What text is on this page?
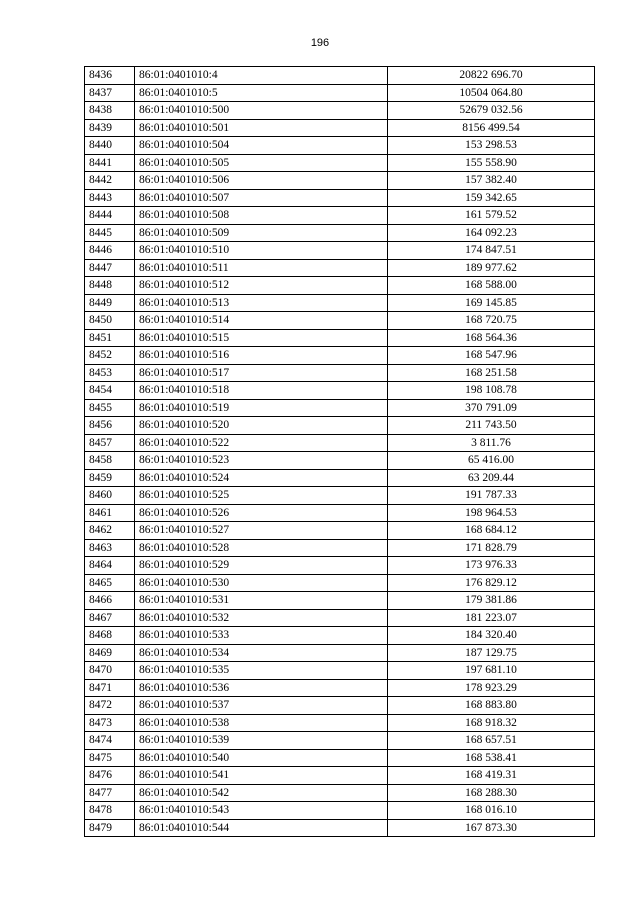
196
8436	86:01:0401010:4	20822 696.70
8437	86:01:0401010:5	10504 064.80
8438	86:01:0401010:500	52679 032.56
8439	86:01:0401010:501	8156 499.54
8440	86:01:0401010:504	153 298.53
8441	86:01:0401010:505	155 558.90
8442	86:01:0401010:506	157 382.40
8443	86:01:0401010:507	159 342.65
8444	86:01:0401010:508	161 579.52
8445	86:01:0401010:509	164 092.23
8446	86:01:0401010:510	174 847.51
8447	86:01:0401010:511	189 977.62
8448	86:01:0401010:512	168 588.00
8449	86:01:0401010:513	169 145.85
8450	86:01:0401010:514	168 720.75
8451	86:01:0401010:515	168 564.36
8452	86:01:0401010:516	168 547.96
8453	86:01:0401010:517	168 251.58
8454	86:01:0401010:518	198 108.78
8455	86:01:0401010:519	370 791.09
8456	86:01:0401010:520	211 743.50
8457	86:01:0401010:522	3 811.76
8458	86:01:0401010:523	65 416.00
8459	86:01:0401010:524	63 209.44
8460	86:01:0401010:525	191 787.33
8461	86:01:0401010:526	198 964.53
8462	86:01:0401010:527	168 684.12
8463	86:01:0401010:528	171 828.79
8464	86:01:0401010:529	173 976.33
8465	86:01:0401010:530	176 829.12
8466	86:01:0401010:531	179 381.86
8467	86:01:0401010:532	181 223.07
8468	86:01:0401010:533	184 320.40
8469	86:01:0401010:534	187 129.75
8470	86:01:0401010:535	197 681.10
8471	86:01:0401010:536	178 923.29
8472	86:01:0401010:537	168 883.80
8473	86:01:0401010:538	168 918.32
8474	86:01:0401010:539	168 657.51
8475	86:01:0401010:540	168 538.41
8476	86:01:0401010:541	168 419.31
8477	86:01:0401010:542	168 288.30
8478	86:01:0401010:543	168 016.10
8479	86:01:0401010:544	167 873.30
